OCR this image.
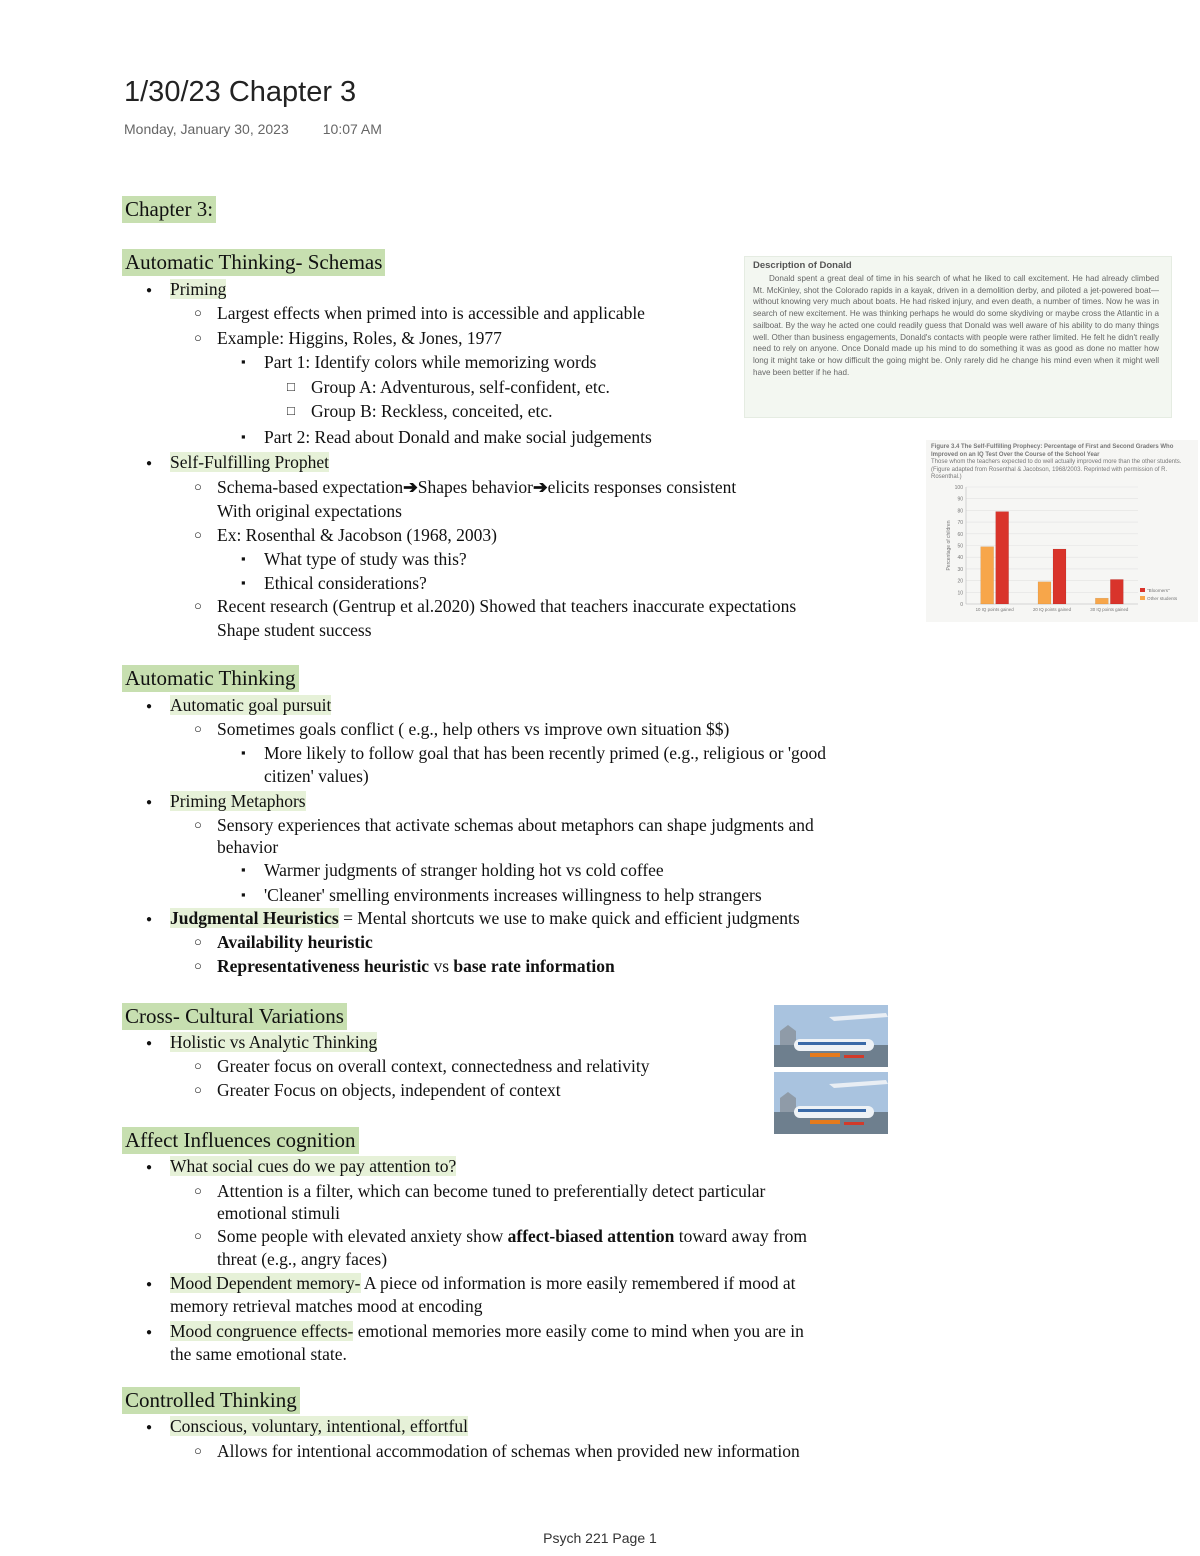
1/30/23 Chapter 3
Monday, January 30, 2023 10:07 AM
Chapter 3:
Automatic Thinking- Schemas
●
Priming
○
Largest effects when primed into is accessible and applicable
○
Example: Higgins, Roles, & Jones, 1977
▪
Part 1: Identify colors while memorizing words
□
Group A: Adventurous, self-confident, etc.
□
Group B: Reckless, conceited, etc.
▪
Part 2: Read about Donald and make social judgements
●
Self-Fulfilling Prophet
○
Schema-based expectation➔Shapes behavior➔elicits responses consistent
With original expectations
○
Ex: Rosenthal & Jacobson (1968, 2003)
▪
What type of study was this?
▪
Ethical considerations?
○
Recent research (Gentrup et al.2020) Showed that teachers inaccurate expectations
Shape student success
Automatic Thinking
●
Automatic goal pursuit
○
Sometimes goals conflict ( e.g., help others vs improve own situation $$)
▪
More likely to follow goal that has been recently primed (e.g., religious or 'good
citizen' values)
●
Priming Metaphors
○
Sensory experiences that activate schemas about metaphors can shape judgments and
behavior
▪
Warmer judgments of stranger holding hot vs cold coffee
▪
'Cleaner' smelling environments increases willingness to help strangers
●
Judgmental Heuristics = Mental shortcuts we use to make quick and efficient judgments
○
Availability heuristic
○
Representativeness heuristic vs base rate information
Cross- Cultural Variations
●
Holistic vs Analytic Thinking
○
Greater focus on overall context, connectedness and relativity
○
Greater Focus on objects, independent of context
Affect Influences cognition
●
What social cues do we pay attention to?
○
Attention is a filter, which can become tuned to preferentially detect particular
emotional stimuli
○
Some people with elevated anxiety show affect-biased attention toward away from
threat (e.g., angry faces)
●
Mood Dependent memory- A piece od information is more easily remembered if mood at
memory retrieval matches mood at encoding
●
Mood congruence effects- emotional memories more easily come to mind when you are in
the same emotional state.
Controlled Thinking
●
Conscious, voluntary, intentional, effortful
○
Allows for intentional accommodation of schemas when provided new information
Description of Donald
Donald spent a great deal of time in his search of what he liked to call excitement. He had already climbed Mt. McKinley, shot the Colorado rapids in a kayak, driven in a demolition derby, and piloted a jet-powered boat—without knowing very much about boats. He had risked injury, and even death, a number of times. Now he was in search of new excitement. He was thinking perhaps he would do some skydiving or maybe cross the Atlantic in a sailboat. By the way he acted one could readily guess that Donald was well aware of his ability to do many things well. Other than business engagements, Donald's contacts with people were rather limited. He felt he didn't really need to rely on anyone. Once Donald made up his mind to do something it was as good as done no matter how long it might take or how difficult the going might be. Only rarely did he change his mind even when it might well have been better if he had.
Figure 3.4 The Self-Fulfilling Prophecy: Percentage of First and Second Graders Who Improved on an IQ Test Over the Course of the School Year
Those whom the teachers expected to do well actually improved more than the other students.
(Figure adapted from Rosenthal & Jacobson, 1968/2003. Reprinted with permission of R. Rosenthal.)
0
10
20
30
40
50
60
70
80
90
100
Percentage of children
10 IQ points gained	20 IQ points gained	30 IQ points gained
"Bloomers"
Other students
Psych 221 Page 1
